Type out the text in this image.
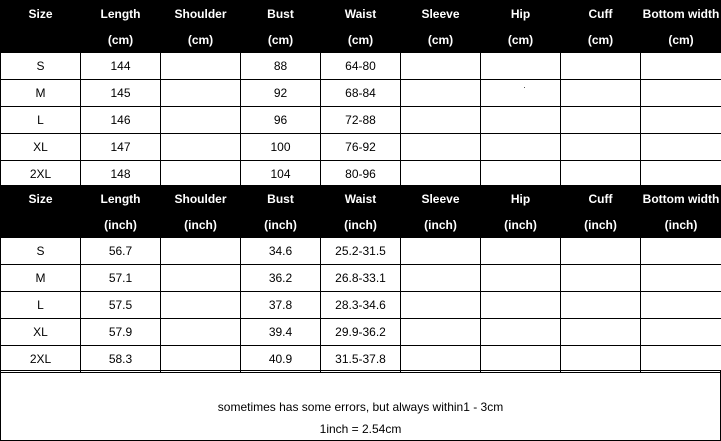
Size	Length	Shoulder	Bust	Waist	Sleeve	Hip	Cuff	Bottom width
	(cm)	(cm)	(cm)	(cm)	(cm)	(cm)	(cm)	(cm)
S	144		88	64-80				
M	145		92	68-84				
L	146		96	72-88				
XL	147		100	76-92				
2XL	148		104	80-96				
Size	Length	Shoulder	Bust	Waist	Sleeve	Hip	Cuff	Bottom width
	(inch)	(inch)	(inch)	(inch)	(inch)	(inch)	(inch)	(inch)
S	56.7		34.6	25.2-31.5				
M	57.1		36.2	26.8-33.1				
L	57.5		37.8	28.3-34.6				
XL	57.9		39.4	29.9-36.2				
2XL	58.3		40.9	31.5-37.8				
sometimes has some errors, but always within1 - 3cm
1inch = 2.54cm
